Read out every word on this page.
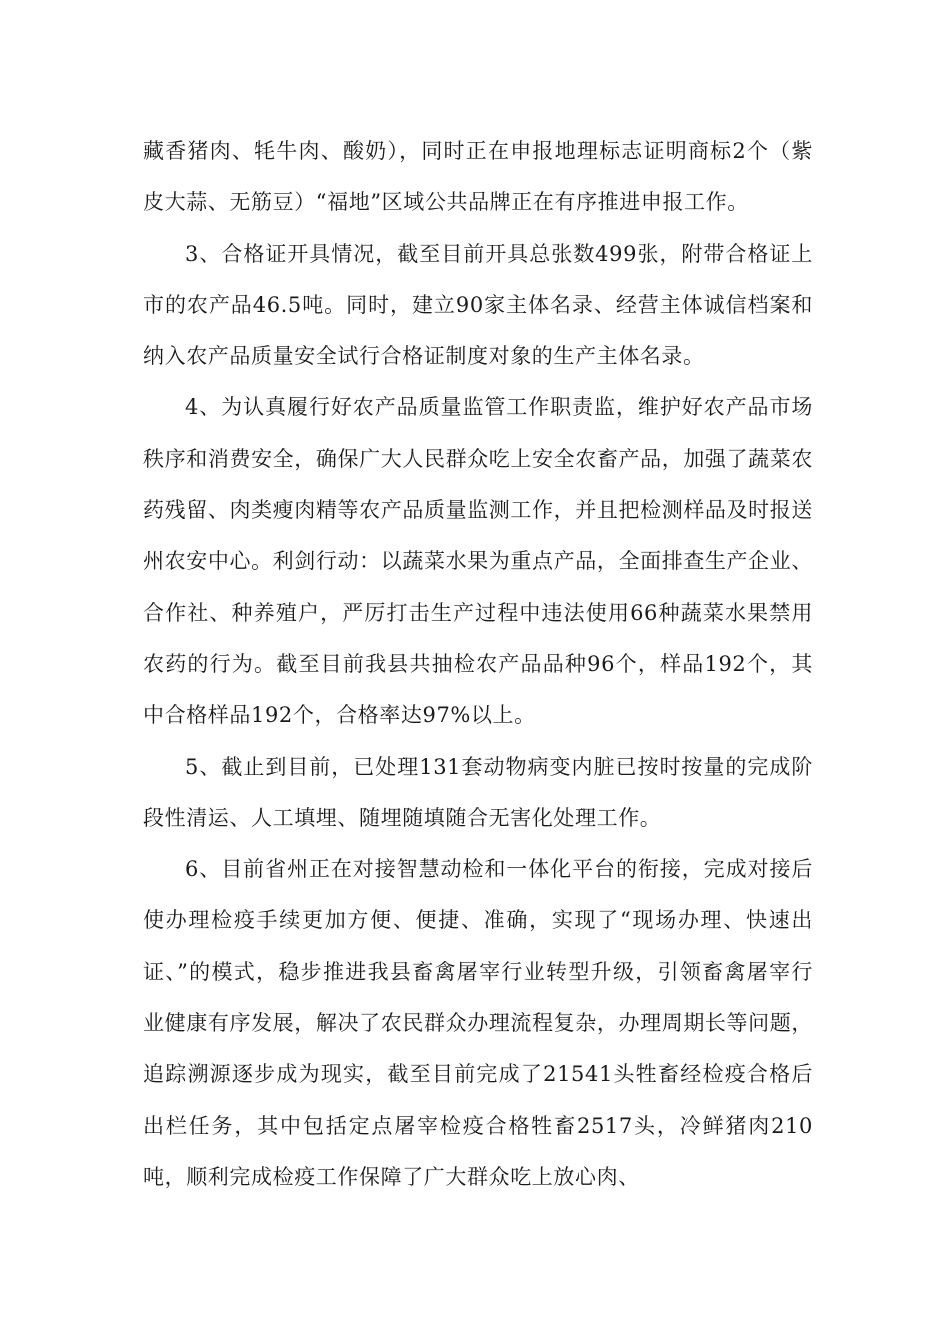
藏香猪肉、牦牛肉、酸奶），同时正在申报地理标志证明商标2个（紫皮大蒜、无筋豆）“福地”区域公共品牌正在有序推进申报工作。

3、合格证开具情况，截至目前开具总张数499张，附带合格证上市的农产品46.5吨。同时，建立90家主体名录、经营主体诚信档案和纳入农产品质量安全试行合格证制度对象的生产主体名录。

4、为认真履行好农产品质量监管工作职责监，维护好农产品市场秩序和消费安全，确保广大人民群众吃上安全农畜产品，加强了蔬菜农药残留、肉类瘦肉精等农产品质量监测工作，并且把检测样品及时报送州农安中心。利剑行动：以蔬菜水果为重点产品，全面排查生产企业、合作社、种养殖户，严厉打击生产过程中违法使用66种蔬菜水果禁用农药的行为。截至目前我县共抽检农产品品种96个，样品192个，其中合格样品192个，合格率达97%以上。

5、截止到目前，已处理131套动物病变内脏已按时按量的完成阶段性清运、人工填埋、随埋随填随合无害化处理工作。

6、目前省州正在对接智慧动检和一体化平台的衔接，完成对接后使办理检疫手续更加方便、便捷、准确，实现了“现场办理、快速出证、”的模式，稳步推进我县畜禽屠宰行业转型升级，引领畜禽屠宰行业健康有序发展，解决了农民群众办理流程复杂，办理周期长等问题，追踪溯源逐步成为现实，截至目前完成了21541头牲畜经检疫合格后出栏任务，其中包括定点屠宰检疫合格牲畜2517头，冷鲜猪肉210吨，顺利完成检疫工作保障了广大群众吃上放心肉、
